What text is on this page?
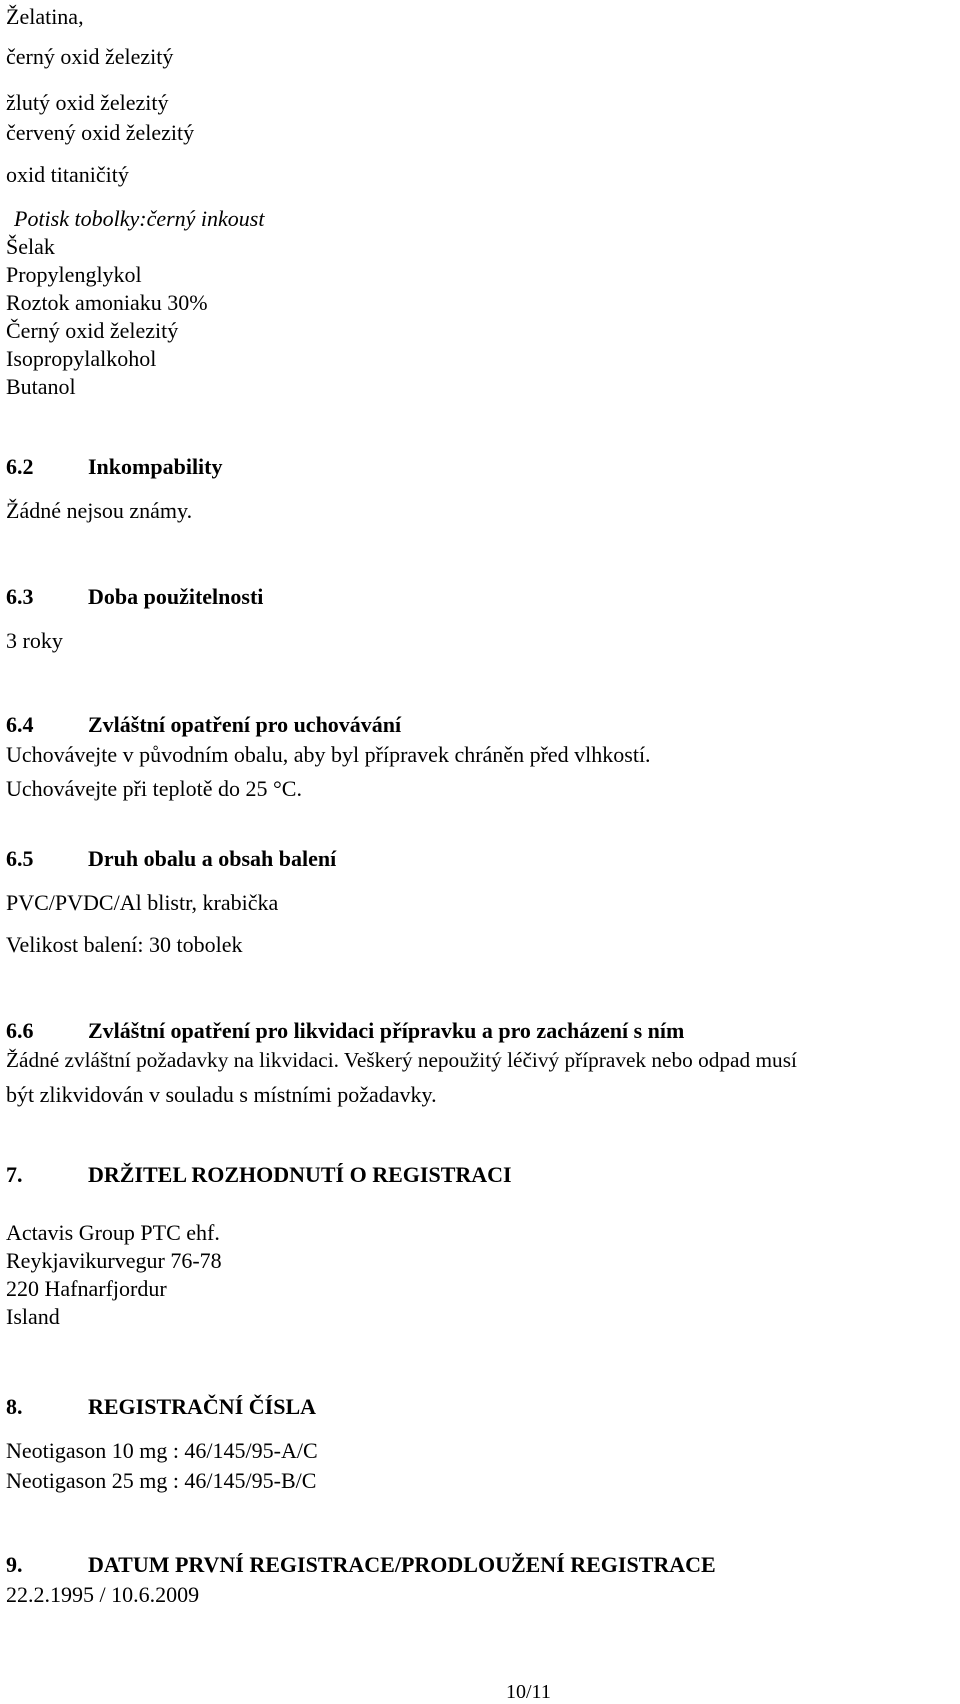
Želatina,
černý oxid železitý
žlutý oxid železitý
červený oxid železitý
oxid titaničitý
Potisk tobolky:černý inkoust
Šelak
Propylenglykol
Roztok amoniaku 30%
Černý oxid železitý
Isopropylalkohol
Butanol
6.2 Inkompability
Žádné nejsou známy.
6.3 Doba použitelnosti
3 roky
6.4 Zvláštní opatření pro uchovávání
Uchovávejte v původním obalu, aby byl přípravek chráněn před vlhkostí.
Uchovávejte při teplotě do 25 °C.
6.5 Druh obalu a obsah balení
PVC/PVDC/Al blistr, krabička
Velikost balení: 30 tobolek
6.6 Zvláštní opatření pro likvidaci přípravku a pro zacházení s ním
Žádné zvláštní požadavky na likvidaci. Veškerý nepoužitý léčivý přípravek nebo odpad musí
být zlikvidován v souladu s místními požadavky.
7.	DRŽITEL ROZHODNUTÍ O REGISTRACI
Actavis Group PTC ehf.
Reykjavikurvegur 76-78
220 Hafnarfjordur
Island
8.	REGISTRAČNÍ ČÍSLA
Neotigason 10 mg : 46/145/95-A/C
Neotigason 25 mg : 46/145/95-B/C
9.	DATUM PRVNÍ REGISTRACE/PRODLOUŽENÍ REGISTRACE
22.2.1995 / 10.6.2009
10/11
